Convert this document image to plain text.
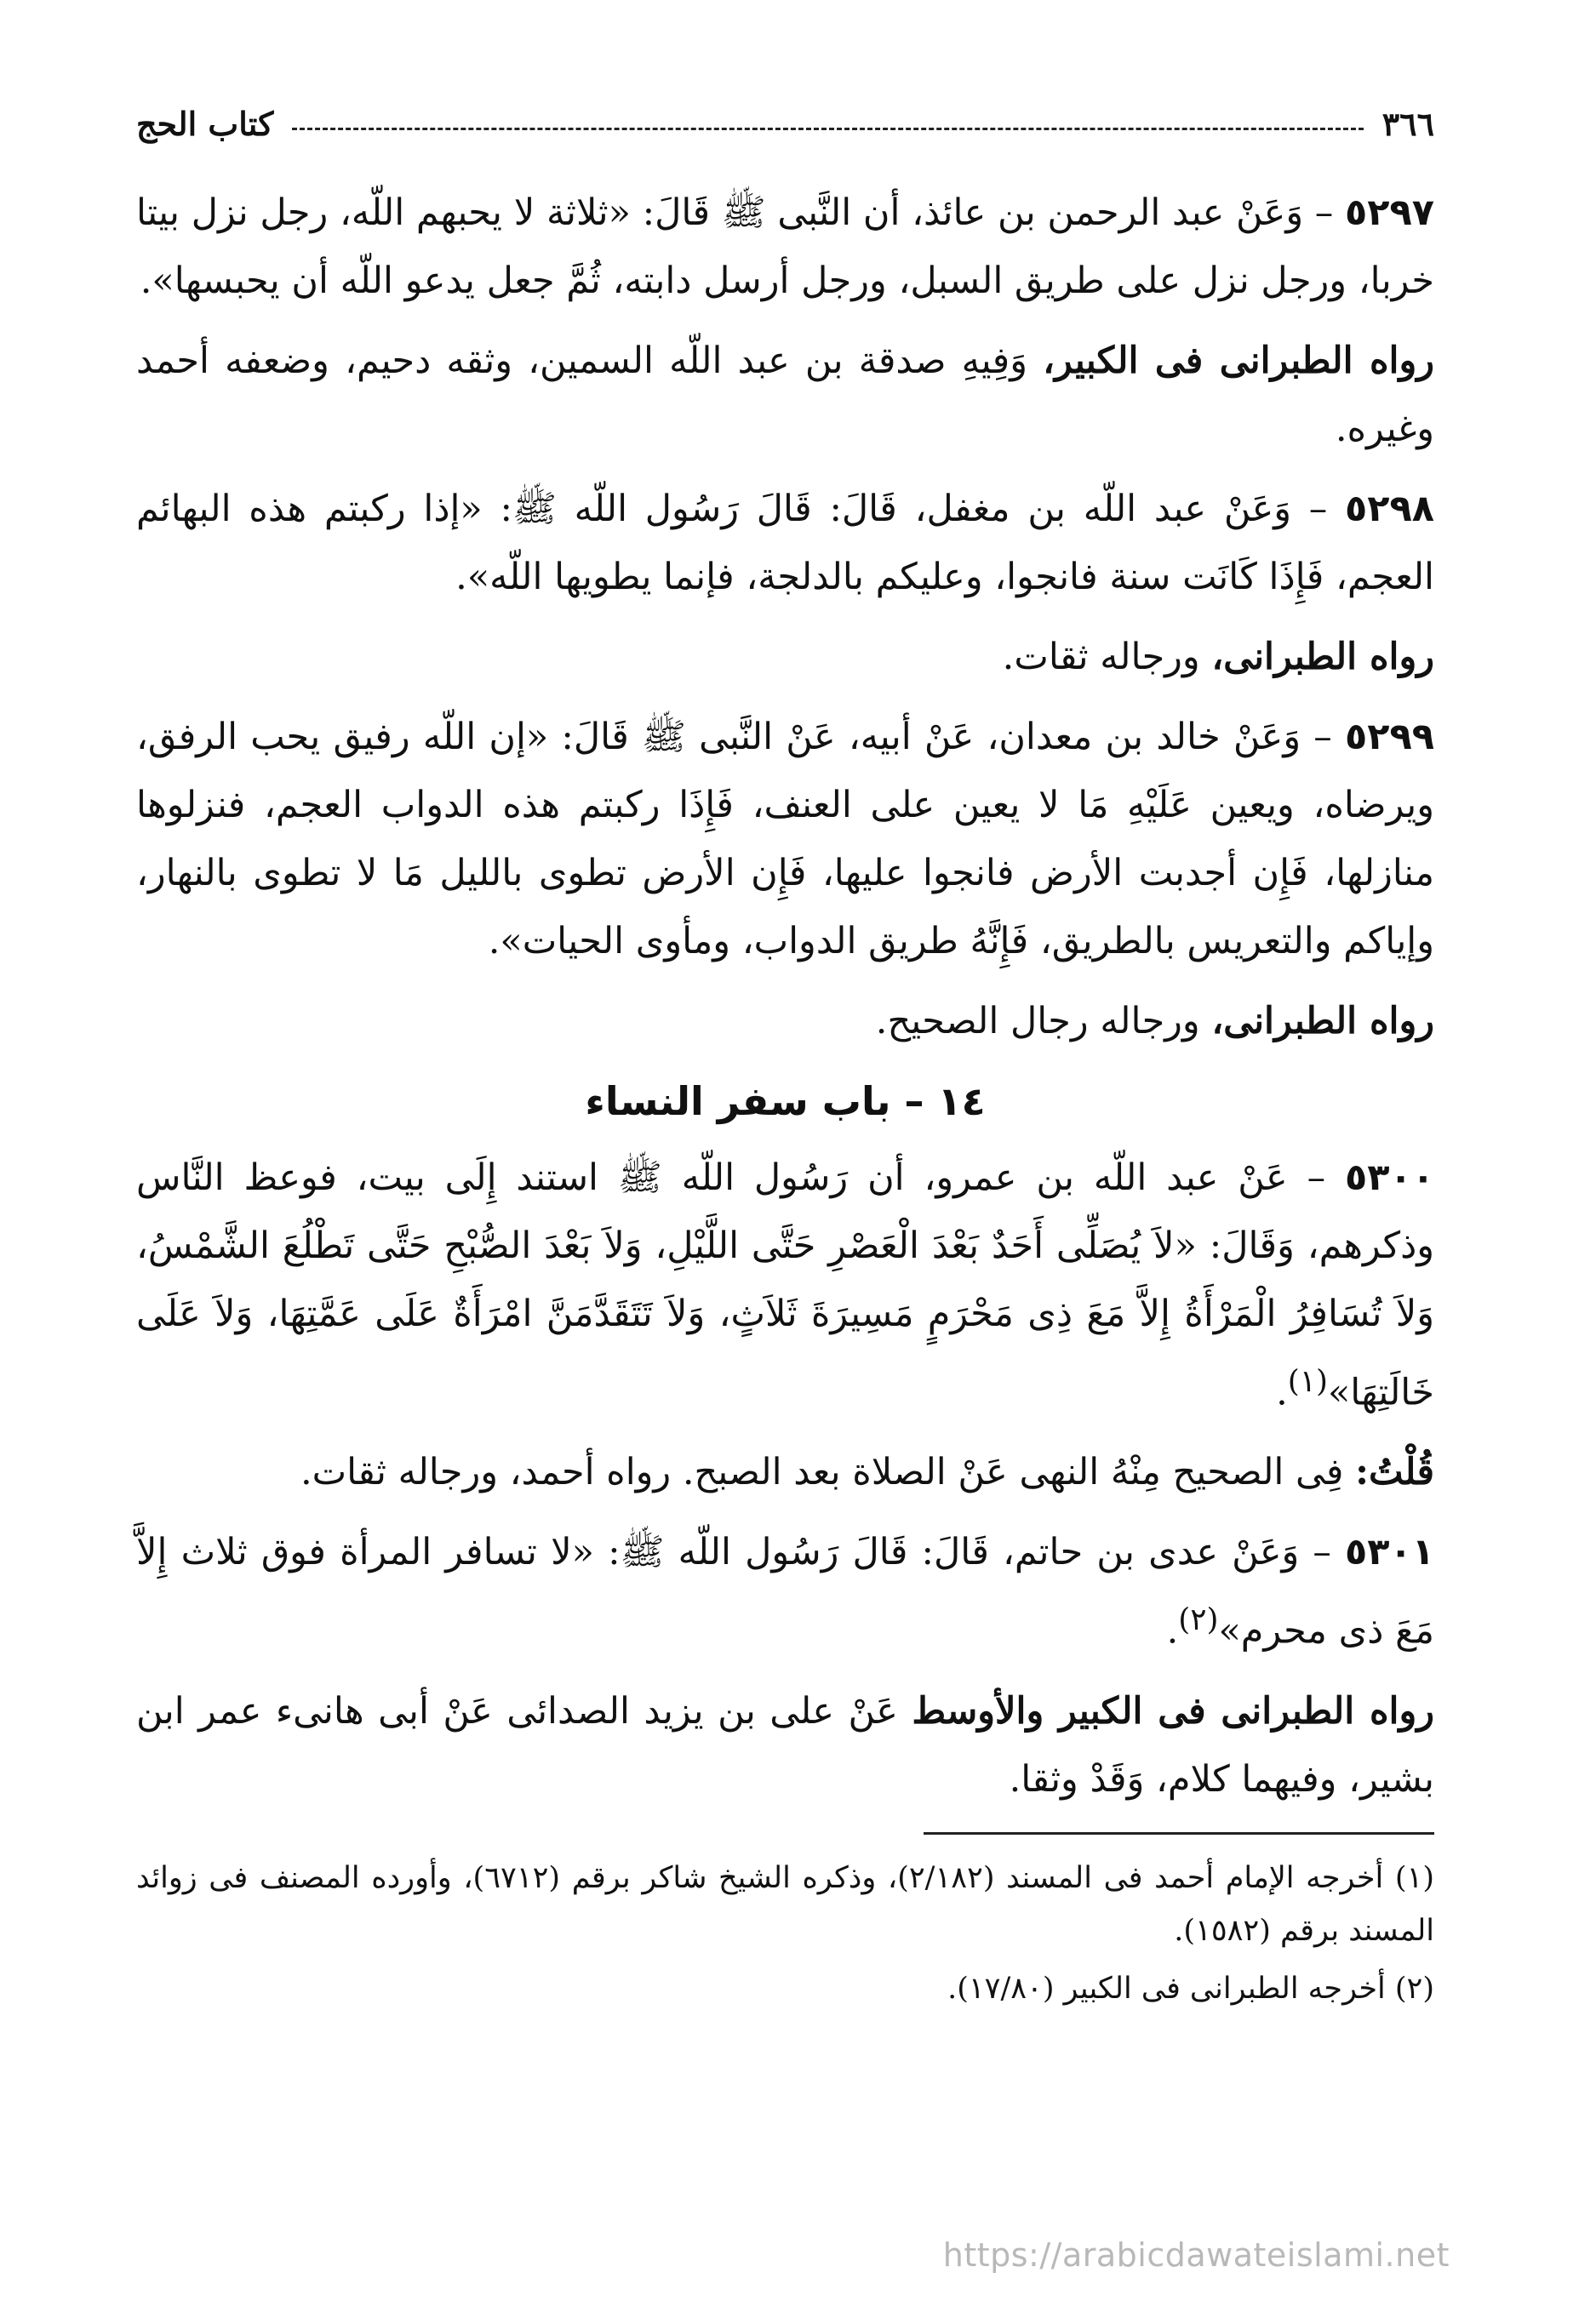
٣٦٦
كتاب الحج

٥٢٩٧ – وَعَنْ عبد الرحمن بن عائذ، أن النَّبى ﷺ قَالَ: «ثلاثة لا يحبهم اللّه، رجل نزل بيتا خربا، ورجل نزل على طريق السبل، ورجل أرسل دابته، ثُمَّ جعل يدعو اللّه أن يحبسها».

رواه الطبرانى فى الكبير، وَفِيهِ صدقة بن عبد اللّه السمين، وثقه دحيم، وضعفه أحمد وغيره.

٥٢٩٨ – وَعَنْ عبد اللّه بن مغفل، قَالَ: قَالَ رَسُول اللّه ﷺ: «إذا ركبتم هذه البهائم العجم، فَإِذَا كَانَت سنة فانجوا، وعليكم بالدلجة، فإنما يطويها اللّه».

رواه الطبرانى، ورجاله ثقات.

٥٢٩٩ – وَعَنْ خالد بن معدان، عَنْ أبيه، عَنْ النَّبى ﷺ قَالَ: «إن اللّه رفيق يحب الرفق، ويرضاه، ويعين عَلَيْهِ مَا لا يعين على العنف، فَإِذَا ركبتم هذه الدواب العجم، فنزلوها منازلها، فَإِن أجدبت الأرض فانجوا عليها، فَإِن الأرض تطوى بالليل مَا لا تطوى بالنهار، وإياكم والتعريس بالطريق، فَإِنَّهُ طريق الدواب، ومأوى الحيات».

رواه الطبرانى، ورجاله رجال الصحيح.

١٤ – باب سفر النساء

٥٣٠٠ – عَنْ عبد اللّه بن عمرو، أن رَسُول اللّه ﷺ استند إِلَى بيت، فوعظ النَّاس وذكرهم، وَقَالَ: «لاَ يُصَلِّى أَحَدٌ بَعْدَ الْعَصْرِ حَتَّى اللَّيْلِ، وَلاَ بَعْدَ الصُّبْحِ حَتَّى تَطْلُعَ الشَّمْسُ، وَلاَ تُسَافِرُ الْمَرْأَةُ إِلاَّ مَعَ ذِى مَحْرَمٍ مَسِيرَةَ ثَلاَثٍ، وَلاَ تَتَقَدَّمَنَّ امْرَأَةٌ عَلَى عَمَّتِهَا، وَلاَ عَلَى خَالَتِهَا»$^{(١)}$.

قُلْتُ: فِى الصحيح مِنْهُ النهى عَنْ الصلاة بعد الصبح. رواه أحمد، ورجاله ثقات.

٥٣٠١ – وَعَنْ عدى بن حاتم، قَالَ: قَالَ رَسُول اللّه ﷺ: «لا تسافر المرأة فوق ثلاث إِلاَّ مَعَ ذى محرم»$^{(٢)}$.

رواه الطبرانى فى الكبير والأوسط عَنْ على بن يزيد الصدائى عَنْ أبى هانىء عمر ابن بشير، وفيهما كلام، وَقَدْ وثقا.

(١) أخرجه الإمام أحمد فى المسند (٢/١٨٢)، وذكره الشيخ شاكر برقم (٦٧١٢)، وأورده المصنف فى زوائد المسند برقم (١٥٨٢).

(٢) أخرجه الطبرانى فى الكبير (١٧/٨٠).

https://arabicdawateislami.net
